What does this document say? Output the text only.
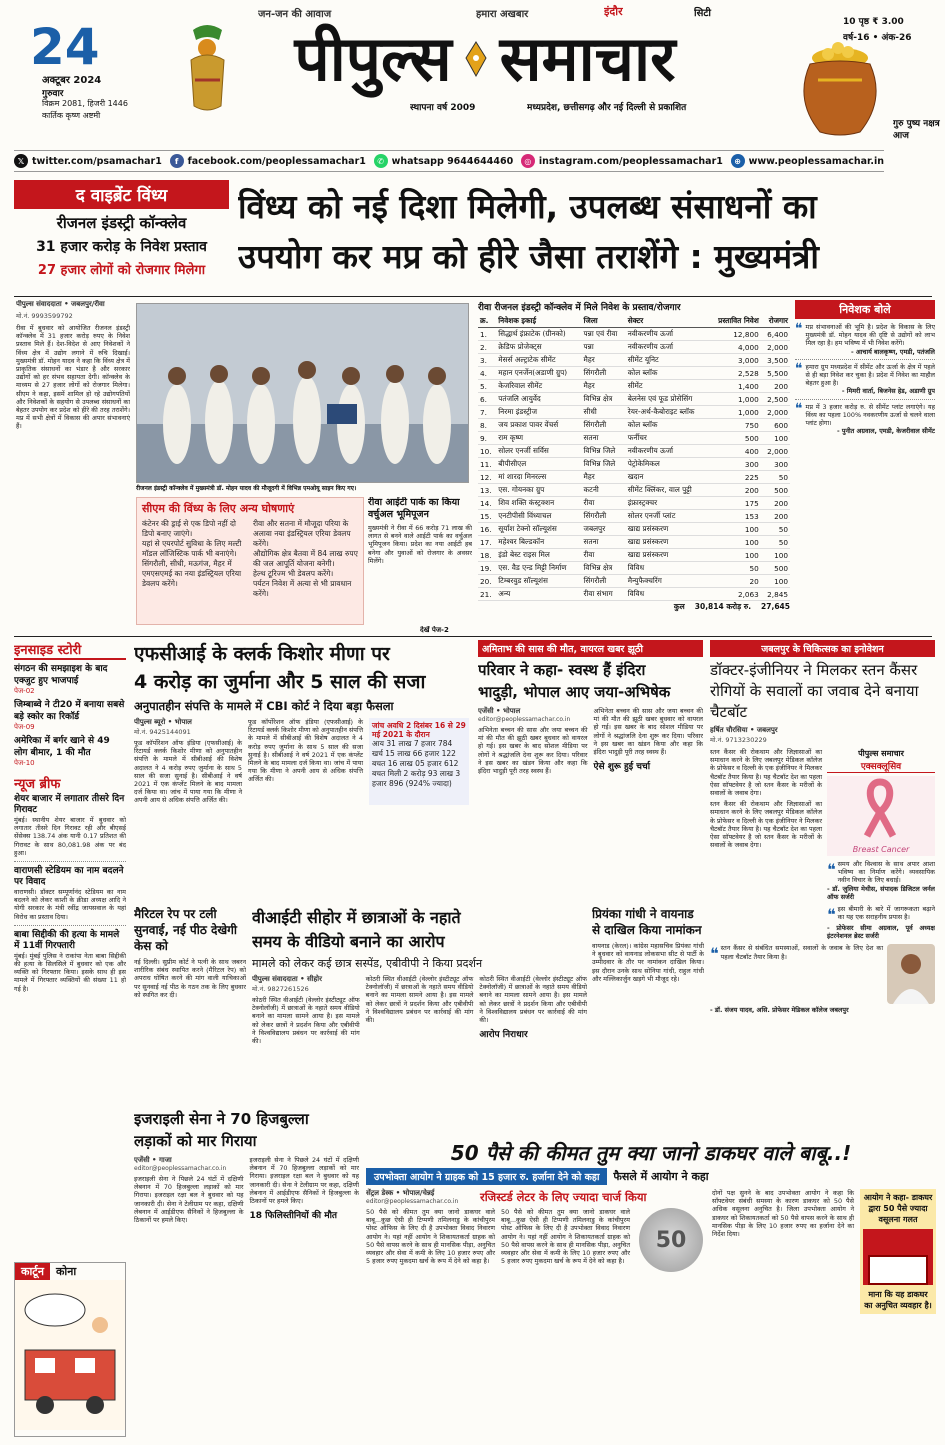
24
अक्टूबर 2024
गुरुवार
विक्रम 2081, हिजरी 1446
कार्तिक कृष्ण अष्टमी
जन-जन की आवाज	हमारा अखबार	इंदौर	सिटी
पीपुल्स समाचार
स्थापना वर्ष 2009	मध्यप्रदेश, छत्तीसगढ़ और नई दिल्ली से प्रकाशित
10 पृष्ठ ₹ 3.00
वर्ष-16 • अंक-26
गुरु पुष्य नक्षत्र आज
𝕏 twitter.com/psamachar1	f facebook.com/peoplessamachar1	✆ whatsapp 9644644460	◎ instagram.com/peoplessamachar1	⊕ www.peoplessamachar.in
द वाइब्रेंट विंध्य
रीजनल इंडस्ट्री कॉन्क्लेव
31 हजार करोड़ के निवेश प्रस्ताव
27 हजार लोगों को रोजगार मिलेगा
विंध्य को नई दिशा मिलेगी, उपलब्ध संसाधनों का
उपयोग कर मप्र को हीरे जैसा तराशेंगे : मुख्यमंत्री
पीपुल्स संवाददाता • जबलपुर/रीवा
मो.नं. 9993599792
रीवा में बुधवार को आयोजित रीजनल इंडस्ट्री कॉन्क्लेव में 31 हजार करोड़ रुपए के निवेश प्रस्ताव मिले हैं। देश-विदेश से आए निवेशकों ने विंध्य क्षेत्र में उद्योग लगाने में रुचि दिखाई। मुख्यमंत्री डॉ. मोहन यादव ने कहा कि विंध्य क्षेत्र में प्राकृतिक संसाधनों का भंडार है और सरकार उद्योगों को हर संभव सहायता देगी। कॉन्क्लेव के माध्यम से 27 हजार लोगों को रोजगार मिलेगा। सीएम ने कहा, इसमें शामिल हो रहे उद्योगपतियों और निवेशकों के सहयोग से उपलब्ध संसाधनों का बेहतर उपयोग कर प्रदेश को हीरे की तरह तराशेंगे। मप्र में सभी क्षेत्रों में विकास की अपार संभावनाएं हैं।
रीजनल इंडस्ट्री कॉन्क्लेव में मुख्यमंत्री डॉ. मोहन यादव की मौजूदगी में विभिन्न एमओयू साइन किए गए।
सीएम की विंध्य के लिए अन्य घोषणाएं
कंटेनर की ड्राई से एक डिपो नहीं दो डिपो बनाए जाएंगे।
यहां से एयरपोर्ट सुविधा के लिए मल्टी मॉडल लॉजिस्टिक पार्क भी बनाएंगे।
सिंगरौली, सीधी, मऊगंज, मैहर में एमएसएमई का नया इंडस्ट्रियल एरिया डेवलप करेंगे।
रीवा और सतना में मौजूदा परिया के अलावा नया इंडस्ट्रियल एरिया डेवलप करेंगे।
औद्योगिक क्षेत्र बैतवा में 84 लाख रुपए की जल आपूर्ति योजना बनेगी।
हेल्थ टूरिज्म भी डेवलप करेंगे।
पर्यटन निवेश में अत्या से भी प्रावधान करेंगे।
रीवा आईटी पार्क का किया वर्चुअल भूमिपूजन
मुख्यमंत्री ने रीवा में 66 करोड़ 71 लाख की लागत से बनने वाले आईटी पार्क का वर्चुअल भूमिपूजन किया। प्रदेश का नया आईटी हब बनेगा और युवाओं को रोजगार के अवसर मिलेंगे।
रीवा रीजनल इंडस्ट्री कॉन्क्लेव में मिले निवेश के प्रस्ताव/रोजगार
क्र.	निवेशक इकाई	जिला	सेक्टर	प्रस्तावित निवेश	रोजगार
1.	सिद्धार्थ इंफ्राटेक (ग्रीनको)	पन्ना एवं रीवा	नवीकरणीय ऊर्जा	12,800	6,400
2.	क्रेडिफ प्रोजेक्ट्स	पन्ना	नवीकरणीय ऊर्जा	4,000	2,000
3.	मेसर्स अल्ट्राटेक सीमेंट	मैहर	सीमेंट यूनिट	3,000	3,500
4.	महान एनर्जेन(अडाणी ग्रुप)	सिंगरौली	कोल ब्लॉक	2,528	5,500
5.	केजरिवाल सीमेंट	मैहर	सीमेंट	1,400	200
6.	पतंजलि आयुर्वेद	विभिन्न क्षेत्र	बेलनेस एवं फूड प्रोसेसिंग	1,000	2,500
7.	निरमा इंडस्ट्रीज	सीधी	रेयर-अर्थ-कैबोराइट ब्लॉक	1,000	2,000
8.	जय प्रकाश पावर वेंचर्स	सिंगरौली	कोल ब्लॉक	750	600
9.	राम कृष्ण	सतना	फर्नीचर	500	100
10.	सोलर एनर्जी सर्विस	विभिन्न जिले	नवीकरणीय ऊर्जा	400	2,000
11.	बीपीसीएल	विभिन्न जिले	पेट्रोकेमिकल	300	300
12.	मां शारदा मिनरल्स	मैहर	खदान	225	50
13.	एस. गोयनका ग्रुप	कटनी	सीमेंट क्लिंकर, वाल पुट्टी	200	500
14.	शिव शक्ति कंस्ट्रक्शन	रीवा	इंफ्रास्ट्रक्चर	175	200
15.	एनटीपीसी विंध्याचल	सिंगरौली	सोलर एनर्जी प्लांट	153	200
16.	सूर्यांश टेक्नो सॉल्यूशंस	जबलपुर	खाद्य प्रसंस्करण	100	50
17.	महेश्वर बिल्डकॉन	सतना	खाद्य प्रसंस्करण	100	50
18.	इंडो बेस्ट राइस मिल	रीवा	खाद्य प्रसंस्करण	100	100
19.	एस. वैड एन्ड मिट्टी निर्माण	विभिन्न क्षेत्र	विविध	50	500
20.	टिम्बरवुड सॉल्यूशंस	सिंगरौली	मैन्युफैक्चरिंग	20	100
21.	अन्य	रीवा संभाग	विविध	2,063	2,845
कुल 30,814 करोड़ रु. 27,645
निवेशक बोले
❝ मप्र संभावनाओं की भूमि है। प्रदेश के विकास के लिए मुख्यमंत्री डॉ. मोहन यादव की दृष्टि से उद्योगों को लाभ मिल रहा है। हम भविष्य में भी निवेश करेंगे।
- आचार्य बालकृष्ण, एमडी, पतंजलि
❝ हमारा ग्रुप मध्यप्रदेश में सीमेंट और ऊर्जा के क्षेत्र में पहले से ही बड़ा निवेश कर चुका है। प्रदेश में निवेश का माहौल बेहतर हुआ है।
- मिमरी वार्ता, बिजनेस हेड, अडाणी ग्रुप
❝ मप्र में 3 हजार करोड़ रु. से सीमेंट प्लांट लगाएंगे। यह विंध्य का पहला 100% नवकरणीय ऊर्जा से चलने वाला प्लांट होगा।
- पुनीत अग्रवाल, एमडी, केजरीवाल सीमेंट
देखें पेज-2
इनसाइड स्टोरी
संगठन की समझाइश के बाद एक्जुट हुए भाजपाई
पेज-02
जिम्बाब्वे ने टी20 में बनाया सबसे बड़े स्कोर का रिकॉर्ड
पेज-09
अमेरिका में बर्गर खाने से 49 लोग बीमार, 1 की मौत
पेज-10
न्यूज ब्रीफ
शेयर बाजार में लगातार तीसरे दिन गिरावट
मुंबई। स्थानीय शेयर बाजार में बुधवार को लगातार तीसरे दिन गिरावट रही और बीएसई सेंसेक्स 138.74 अंक यानी 0.17 प्रतिशत की गिरावट के साथ 80,081.98 अंक पर बंद हुआ।
वाराणसी स्टेडियम का नाम बदलने पर विवाद
वाराणसी। डॉक्टर सम्पूर्णानंद स्टेडियम का नाम बदलने को लेकर काशी के क्रीडा अध्यक्ष आदि ने योगी सरकार के मंत्री रवींद्र जायसवाल के यहां विरोध का प्रस्ताव दिया।
बाबा सिद्दीकी की हत्या के मामले में 11वीं गिरफ्तारी
मुंबई। मुंबई पुलिस ने राकांपा नेता बाबा सिद्दीकी की हत्या के सिलसिले में बुधवार को एक और व्यक्ति को गिरफ्तार किया। इसके साथ ही इस मामले में गिरफ्तार व्यक्तियों की संख्या 11 हो गई है।
कार्टून	कोना
एफसीआई के क्लर्क किशोर मीणा पर
4 करोड़ का जुर्माना और 5 साल की सजा
अनुपातहीन संपत्ति के मामले में CBI कोर्ट ने दिया बड़ा फैसला
पीपुल्स ब्यूरो • भोपाल
मो.नं. 9425144091
फूड कॉर्पोरेशन ऑफ इंडिया (एफसीआई) के रिटायर्ड क्लर्क किशोर मीणा को अनुपातहीन संपत्ति के मामले में सीबीआई की विशेष अदालत ने 4 करोड़ रुपए जुर्माना के साथ 5 साल की सजा सुनाई है। सीबीआई ने वर्ष 2021 में एक कंप्लेंट मिलने के बाद मामला दर्ज किया था। जांच में पाया गया कि मीणा ने अपनी आय से अधिक संपत्ति अर्जित की।
फूड कॉर्पोरेशन ऑफ इंडिया (एफसीआई) के रिटायर्ड क्लर्क किशोर मीणा को अनुपातहीन संपत्ति के मामले में सीबीआई की विशेष अदालत ने 4 करोड़ रुपए जुर्माना के साथ 5 साल की सजा सुनाई है। सीबीआई ने वर्ष 2021 में एक कंप्लेंट मिलने के बाद मामला दर्ज किया था। जांच में पाया गया कि मीणा ने अपनी आय से अधिक संपत्ति अर्जित की।
जांच अवधि 2 दिसंबर 16 से 29 मई 2021 के दौरान
आय 31 लाख 7 हजार 784
खर्च 15 लाख 66 हजार 122
बचत 16 लाख 05 हजार 612
बचत मिली 2 करोड़ 93 लाख 3 हजार 896 (924% ज्यादा)
अमिताभ की सास की मौत, वायरल खबर झूठी
परिवार ने कहा- स्वस्थ हैं इंदिरा
भादुड़ी, भोपाल आए जया-अभिषेक
एजेंसी • भोपाल
editor@peoplessamachar.co.in
अभिनेता बच्चन की सास और जया बच्चन की मां की मौत की झूठी खबर बुधवार को वायरल हो गई। इस खबर के बाद सोशल मीडिया पर लोगों ने श्रद्धांजलि देना शुरू कर दिया। परिवार ने इस खबर का खंडन किया और कहा कि इंदिरा भादुड़ी पूरी तरह स्वस्थ हैं।
अभिनेता बच्चन की सास और जया बच्चन की मां की मौत की झूठी खबर बुधवार को वायरल हो गई। इस खबर के बाद सोशल मीडिया पर लोगों ने श्रद्धांजलि देना शुरू कर दिया। परिवार ने इस खबर का खंडन किया और कहा कि इंदिरा भादुड़ी पूरी तरह स्वस्थ हैं।
ऐसे शुरू हुई चर्चा
जबलपुर के चिकित्सक का इनोवेशन
डॉक्टर-इंजीनियर ने मिलकर स्तन कैंसर रोगियों के सवालों का जवाब देने बनाया चैटबॉट
हर्षित चौरसिया • जबलपुर
मो.नं. 9713230229
स्तन कैंसर की रोकथाम और जिज्ञासाओं का समाधान करने के लिए जबलपुर मेडिकल कॉलेज के प्रोफेसर व दिल्ली के एक इंजीनियर ने मिलकर चैटबॉट तैयार किया है। यह चैटबॉट देश का पहला ऐसा सॉफ्टवेयर है जो स्तन कैंसर के मरीजों के सवालों के जवाब देगा।
स्तन कैंसर की रोकथाम और जिज्ञासाओं का समाधान करने के लिए जबलपुर मेडिकल कॉलेज के प्रोफेसर व दिल्ली के एक इंजीनियर ने मिलकर चैटबॉट तैयार किया है। यह चैटबॉट देश का पहला ऐसा सॉफ्टवेयर है जो स्तन कैंसर के मरीजों के सवालों के जवाब देगा।
पीपुल्स समाचार
एक्सक्लूसिव
Breast Cancer
❝ समय और विश्वास के साथ अपार आशा भविष्य का निर्माण करेंगे। व्यवसायिक नवीन विचार के लिए बधाई।
- डॉ. जुलिया मेथीस, संपादक डिजिटल जर्नल ऑफ सर्जरी
❝ इस बीमारी के बारे में जागरूकता बढ़ाने का यह एक सराहनीय प्रयास है।
- प्रोफेसर सीमा अग्रवाल, पूर्व अध्यक्ष इंटरनेशनल ब्रेस्ट सर्जरी
❝ स्तन कैंसर से संबंधित समस्याओं, सवालों के जवाब के लिए देश का पहला चैटबॉट तैयार किया है।
- डॉ. संजय यादव, असि. प्रोफेसर मेडिकल कॉलेज जबलपुर
मैरिटल रेप पर टली सुनवाई, नई पीठ देखेगी केस को
नई दिल्ली। सुप्रीम कोर्ट ने पत्नी के साथ जबरन शारीरिक संबंध स्थापित करने (मैरिटल रेप) को अपराध घोषित करने की मांग वाली याचिकाओं पर सुनवाई नई पीठ के गठन तक के लिए बुधवार को स्थगित कर दी।
वीआईटी सीहोर में छात्राओं के नहाते
समय के वीडियो बनाने का आरोप
मामले को लेकर कई छात्र सस्पेंड, एबीवीपी ने किया प्रदर्शन
पीपुल्स संवाददाता • सीहोर
मो.नं. 9827261526
कोठरी स्थित वीआईटी (वेल्लोर इंस्टीट्यूट ऑफ टेक्नोलॉजी) में छात्राओं के नहाते समय वीडियो बनाने का मामला सामने आया है। इस मामले को लेकर छात्रों ने प्रदर्शन किया और एबीवीपी ने विश्वविद्यालय प्रबंधन पर कार्रवाई की मांग की।
कोठरी स्थित वीआईटी (वेल्लोर इंस्टीट्यूट ऑफ टेक्नोलॉजी) में छात्राओं के नहाते समय वीडियो बनाने का मामला सामने आया है। इस मामले को लेकर छात्रों ने प्रदर्शन किया और एबीवीपी ने विश्वविद्यालय प्रबंधन पर कार्रवाई की मांग की।
कोठरी स्थित वीआईटी (वेल्लोर इंस्टीट्यूट ऑफ टेक्नोलॉजी) में छात्राओं के नहाते समय वीडियो बनाने का मामला सामने आया है। इस मामले को लेकर छात्रों ने प्रदर्शन किया और एबीवीपी ने विश्वविद्यालय प्रबंधन पर कार्रवाई की मांग की।
आरोप निराधार
प्रियंका गांधी ने वायनाड से दाखिल किया नामांकन
वायनाड (केरल)। कांग्रेस महासचिव प्रियंका गांधी ने बुधवार को वायनाड लोकसभा सीट से पार्टी के उम्मीदवार के तौर पर नामांकन दाखिल किया। इस दौरान उनके साथ सोनिया गांधी, राहुल गांधी और मल्लिकार्जुन खड़गे भी मौजूद रहे।
इजराइली सेना ने 70 हिजबुल्ला
लड़ाकों को मार गिराया
एजेंसी • गाजा
editor@peoplessamachar.co.in
इजराइली सेना ने पिछले 24 घंटों में दक्षिणी लेबनान में 70 हिजबुल्ला लड़ाकों को मार गिराया। इजराइल रक्षा बल ने बुधवार को यह जानकारी दी। सेना ने टेलीग्राम पर कहा, दक्षिणी लेबनान में आईडीएफ सैनिकों ने हिजबुल्ला के ठिकानों पर हमले किए।
इजराइली सेना ने पिछले 24 घंटों में दक्षिणी लेबनान में 70 हिजबुल्ला लड़ाकों को मार गिराया। इजराइल रक्षा बल ने बुधवार को यह जानकारी दी। सेना ने टेलीग्राम पर कहा, दक्षिणी लेबनान में आईडीएफ सैनिकों ने हिजबुल्ला के ठिकानों पर हमले किए।
18 फिलिस्तीनियों की मौत
50 पैसे की कीमत तुम क्या जानो डाकघर वाले बाबू..!
उपभोक्ता आयोग ने ग्राहक को 15 हजार रु. हर्जाना देने को कहा	फैसले में आयोग ने कहा
सेंट्रल डेस्क • भोपाल/चेन्नई
editor@peoplessamachar.co.in	रजिस्टर्ड लेटर के लिए ज्यादा चार्ज किया
50 पैसे को कीमत तुम क्या जानो डाकघर वाले बाबू...कुछ ऐसी ही टिप्पणी तमिलनाडु के कांचीपुरम पोस्ट ऑफिस के लिए दी है उपभोक्ता विवाद निवारण आयोग ने। यहां नहीं आयोग ने शिकायतकर्ता ग्राहक को 50 पैसे वापस करने के साथ ही मानसिक पीड़ा, अनुचित व्यवहार और सेवा में कमी के लिए 10 हजार रुपए और 5 हजार रुपए मुकदमा खर्च के रूप में देने को कहा है।
50 पैसे को कीमत तुम क्या जानो डाकघर वाले बाबू...कुछ ऐसी ही टिप्पणी तमिलनाडु के कांचीपुरम पोस्ट ऑफिस के लिए दी है उपभोक्ता विवाद निवारण आयोग ने। यहां नहीं आयोग ने शिकायतकर्ता ग्राहक को 50 पैसे वापस करने के साथ ही मानसिक पीड़ा, अनुचित व्यवहार और सेवा में कमी के लिए 10 हजार रुपए और 5 हजार रुपए मुकदमा खर्च के रूप में देने को कहा है।
50
दोनों पक्ष सुनने के बाद उपभोक्ता आयोग ने कहा कि सॉफ्टवेयर संबंधी समस्या के कारण डाकघर को 50 पैसे अधिक वसूलना अनुचित है। जिला उपभोक्ता आयोग ने डाकघर को शिकायतकर्ता को 50 पैसे वापस करने के साथ ही मानसिक पीड़ा के लिए 10 हजार रुपए का हर्जाना देने का निर्देश दिया।
आयोग ने कहा- डाकघर द्वारा 50 पैसे ज्यादा वसूलना गलत
माना कि यह डाकघर का अनुचित व्यवहार है।
